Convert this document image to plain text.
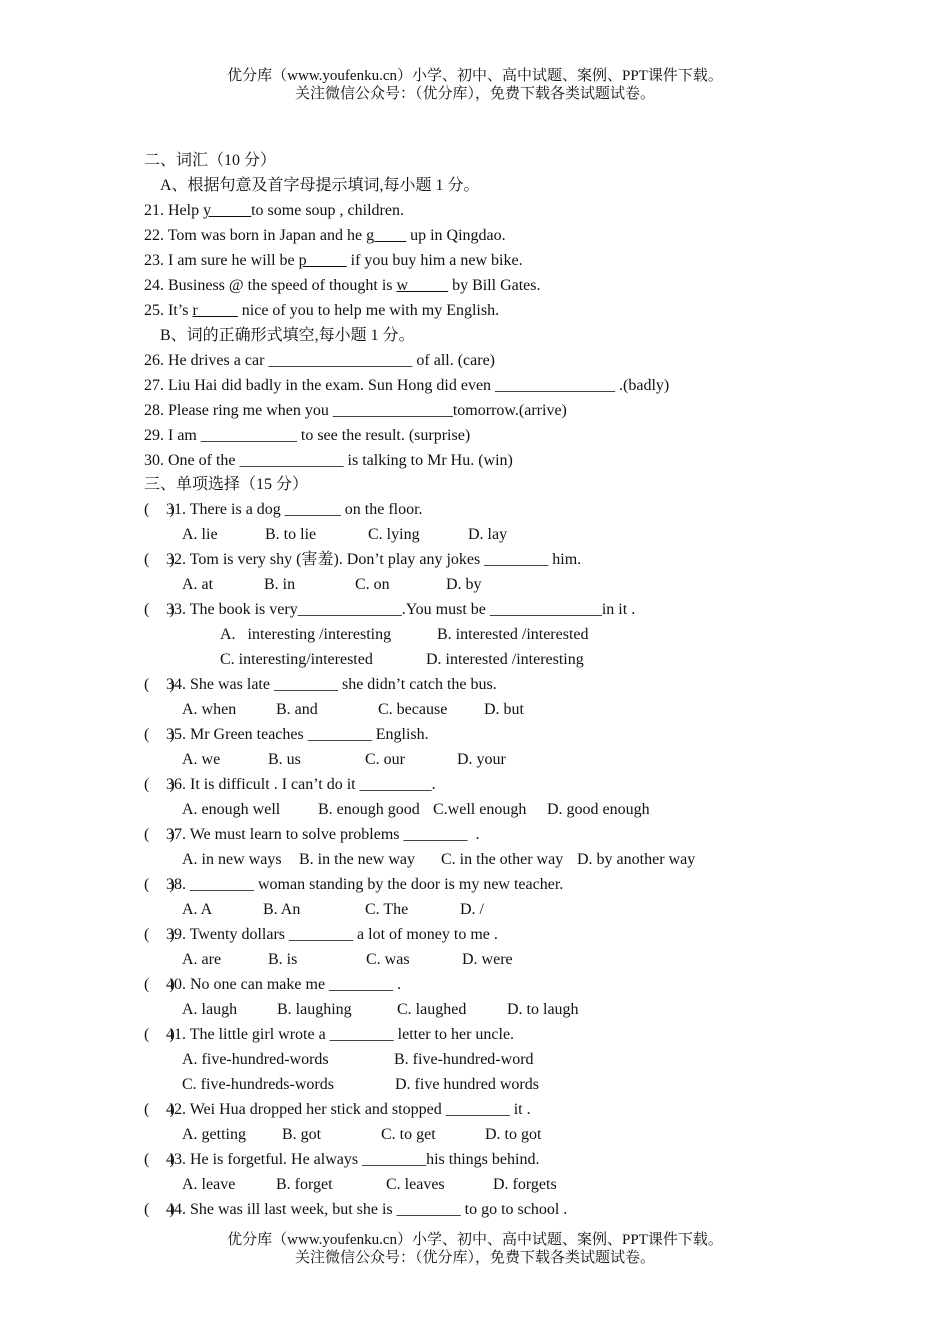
优分库（www.youfenku.cn）小学、初中、高中试题、案例、PPT课件下载。
关注微信公众号：（优分库），免费下载各类试题试卷。
二、词汇（10 分）
A、根据句意及首字母提示填词,每小题 1 分。
21. Help y_____to some soup , children.
22. Tom was born in Japan and he g____ up in Qingdao.
23. I am sure he will be p_____ if you buy him a new bike.
24. Business @ the speed of thought is w_____ by Bill Gates.
25. It’s r_____ nice of you to help me with my English.
B、词的正确形式填空,每小题 1 分。
26. He drives a car __________________ of all. (care)
27. Liu Hai did badly in the exam. Sun Hong did even _______________ .(badly)
28. Please ring me when you _______________tomorrow.(arrive)
29. I am ____________ to see the result. (surprise)
30. One of the _____________ is talking to Mr Hu. (win)
三、单项选择（15 分）
(     )
31. There is a dog _______ on the floor.
A. lie	B. to lie	C. lying	D. lay
(     )
32. Tom is very shy (害羞). Don’t play any jokes ________ him.
A. at	B. in	C. on	D. by
(     )
33. The book is very_____________.You must be ______________in it .
A.   interesting /interesting	B. interested /interested
C. interesting/interested	D. interested /interesting
(     )
34. She was late ________ she didn’t catch the bus.
A. when B. and	C. because D. but
(     )
35. Mr Green teaches ________ English.
A. we	B. us	C. our	D. your
(     )
36. It is difficult . I can’t do it _________.
A. enough well B. enough good C.well enough D. good enough
(     )
37. We must learn to solve problems ________  .
A. in new ways B. in the new way C. in the other way D. by another way
(     )
38. ________ woman standing by the door is my new teacher.
A. A	B. An	C. The	D. /
(     )
39. Twenty dollars ________ a lot of money to me .
A. are	B. is	C. was	D. were
(     )
40. No one can make me ________ .
A. laugh B. laughing	C. laughed	D. to laugh
(     )
41. The little girl wrote a ________ letter to her uncle.
A. five-hundred-words	B. five-hundred-word
C. five-hundreds-words	D. five hundred words
(     )
42. Wei Hua dropped her stick and stopped ________ it .
A. getting B. got	C. to get	D. to got
(     )
43. He is forgetful. He always ________his things behind.
A. leave	B. forget	C. leaves	D. forgets
(     )
44. She was ill last week, but she is ________ to go to school .
优分库（www.youfenku.cn）小学、初中、高中试题、案例、PPT课件下载。
关注微信公众号：（优分库），免费下载各类试题试卷。
